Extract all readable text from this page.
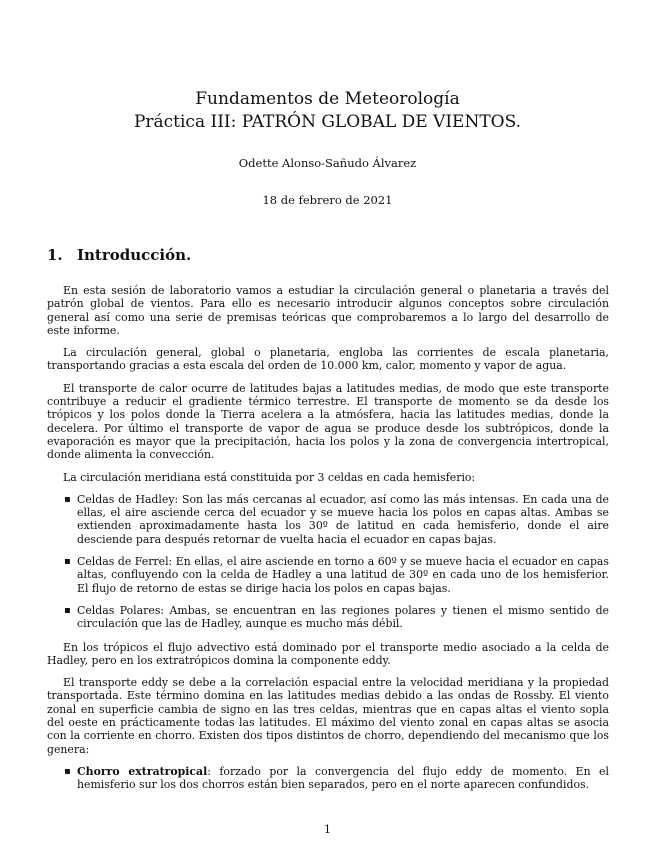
Fundamentos de Meteorología
Práctica III: PATRÓN GLOBAL DE VIENTOS.
Odette Alonso-Sañudo Álvarez
18 de febrero de 2021
1. Introducción.

En esta sesión de laboratorio vamos a estudiar la circulación general o planetaria a través del patrón global de vientos. Para ello es necesario introducir algunos conceptos sobre circulación general así como una serie de premisas teóricas que comprobaremos a lo largo del desarrollo de este informe.

La circulación general, global o planetaria, engloba las corrientes de escala planetaria, transportando gracias a esta escala del orden de 10.000 km, calor, momento y vapor de agua.

El transporte de calor ocurre de latitudes bajas a latitudes medias, de modo que este transporte contribuye a reducir el gradiente térmico terrestre. El transporte de momento se da desde los trópicos y los polos donde la Tierra acelera a la atmósfera, hacia las latitudes medias, donde la decelera. Por último el transporte de vapor de agua se produce desde los subtrópicos, donde la evaporación es mayor que la precipitación, hacia los polos y la zona de convergencia intertropical, donde alimenta la convección.

La circulación meridiana está constituida por 3 celdas en cada hemisferio:

▪ Celdas de Hadley: Son las más cercanas al ecuador, así como las más intensas. En cada una de ellas, el aire asciende cerca del ecuador y se mueve hacia los polos en capas altas. Ambas se extienden aproximadamente hasta los 30º de latitud en cada hemisferio, donde el aire desciende para después retornar de vuelta hacia el ecuador en capas bajas.
▪ Celdas de Ferrel: En ellas, el aire asciende en torno a 60º y se mueve hacia el ecuador en capas altas, confluyendo con la celda de Hadley a una latitud de 30º en cada uno de los hemisferior. El flujo de retorno de estas se dirige hacia los polos en capas bajas.
▪ Celdas Polares: Ambas, se encuentran en las regiones polares y tienen el mismo sentido de circulación que las de Hadley, aunque es mucho más débil.

En los trópicos el flujo advectivo está dominado por el transporte medio asociado a la celda de Hadley, pero en los extratrópicos domina la componente eddy.

El transporte eddy se debe a la correlación espacial entre la velocidad meridiana y la propiedad transportada. Este término domina en las latitudes medias debido a las ondas de Rossby. El viento zonal en superficie cambia de signo en las tres celdas, mientras que en capas altas el viento sopla del oeste en prácticamente todas las latitudes. El máximo del viento zonal en capas altas se asocia con la corriente en chorro. Existen dos tipos distintos de chorro, dependiendo del mecanismo que los genera:

▪ Chorro extratropical: forzado por la convergencia del flujo eddy de momento. En el hemisferio sur los dos chorros están bien separados, pero en el norte aparecen confundidos.
1
